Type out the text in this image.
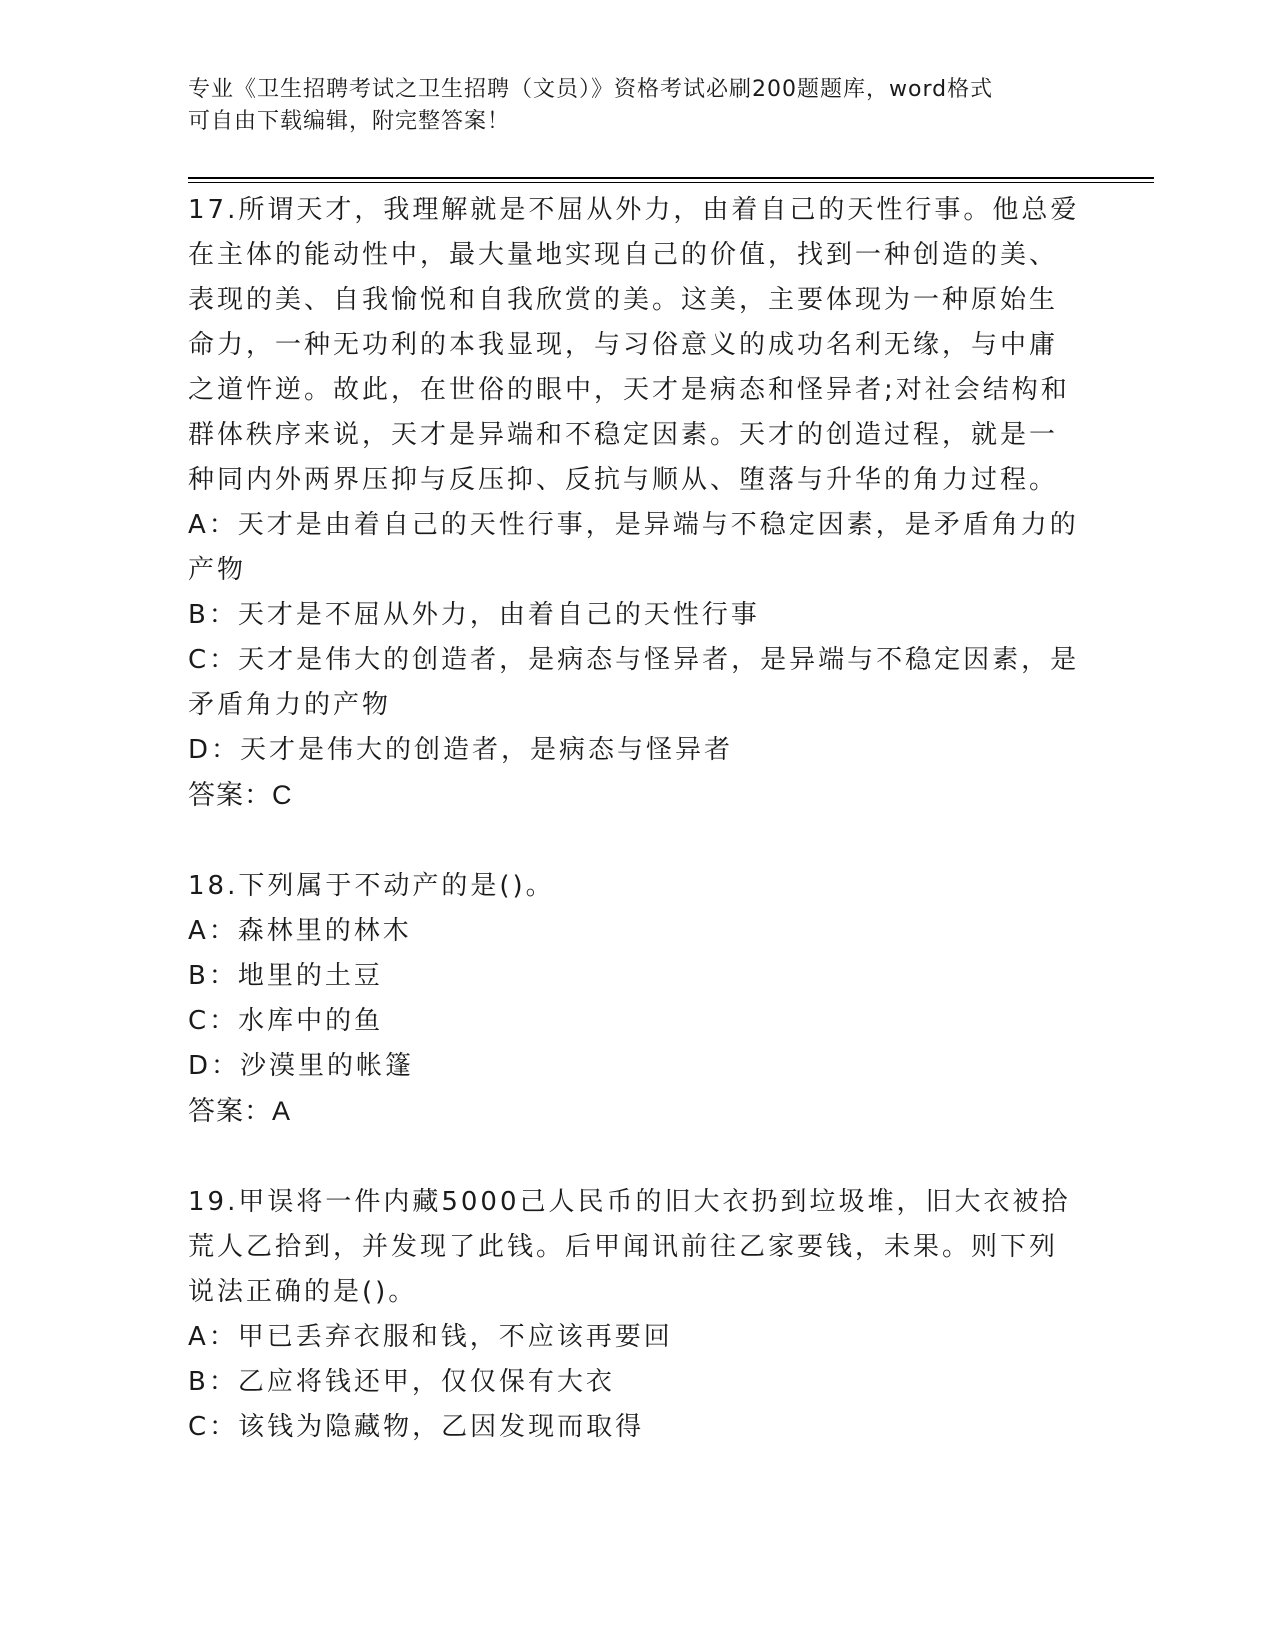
专业《卫生招聘考试之卫生招聘（文员）》资格考试必刷200题题库，word格式
可自由下载编辑，附完整答案！
17.所谓天才，我理解就是不屈从外力，由着自己的天性行事。他总爱
在主体的能动性中，最大量地实现自己的价值，找到一种创造的美、
表现的美、自我愉悦和自我欣赏的美。这美，主要体现为一种原始生
命力，一种无功利的本我显现，与习俗意义的成功名利无缘，与中庸
之道忤逆。故此，在世俗的眼中，天才是病态和怪异者;对社会结构和
群体秩序来说，天才是异端和不稳定因素。天才的创造过程，就是一
种同内外两界压抑与反压抑、反抗与顺从、堕落与升华的角力过程。
A：天才是由着自己的天性行事，是异端与不稳定因素，是矛盾角力的
产物
B：天才是不屈从外力，由着自己的天性行事
C：天才是伟大的创造者，是病态与怪异者，是异端与不稳定因素，是
矛盾角力的产物
D：天才是伟大的创造者，是病态与怪异者
答案：C
18.下列属于不动产的是()。
A：森林里的林木
B：地里的土豆
C：水库中的鱼
D：沙漠里的帐篷
答案：A
19.甲误将一件内藏5000己人民币的旧大衣扔到垃圾堆，旧大衣被拾
荒人乙拾到，并发现了此钱。后甲闻讯前往乙家要钱，未果。则下列
说法正确的是()。
A：甲已丢弃衣服和钱，不应该再要回
B：乙应将钱还甲，仅仅保有大衣
C：该钱为隐藏物，乙因发现而取得
